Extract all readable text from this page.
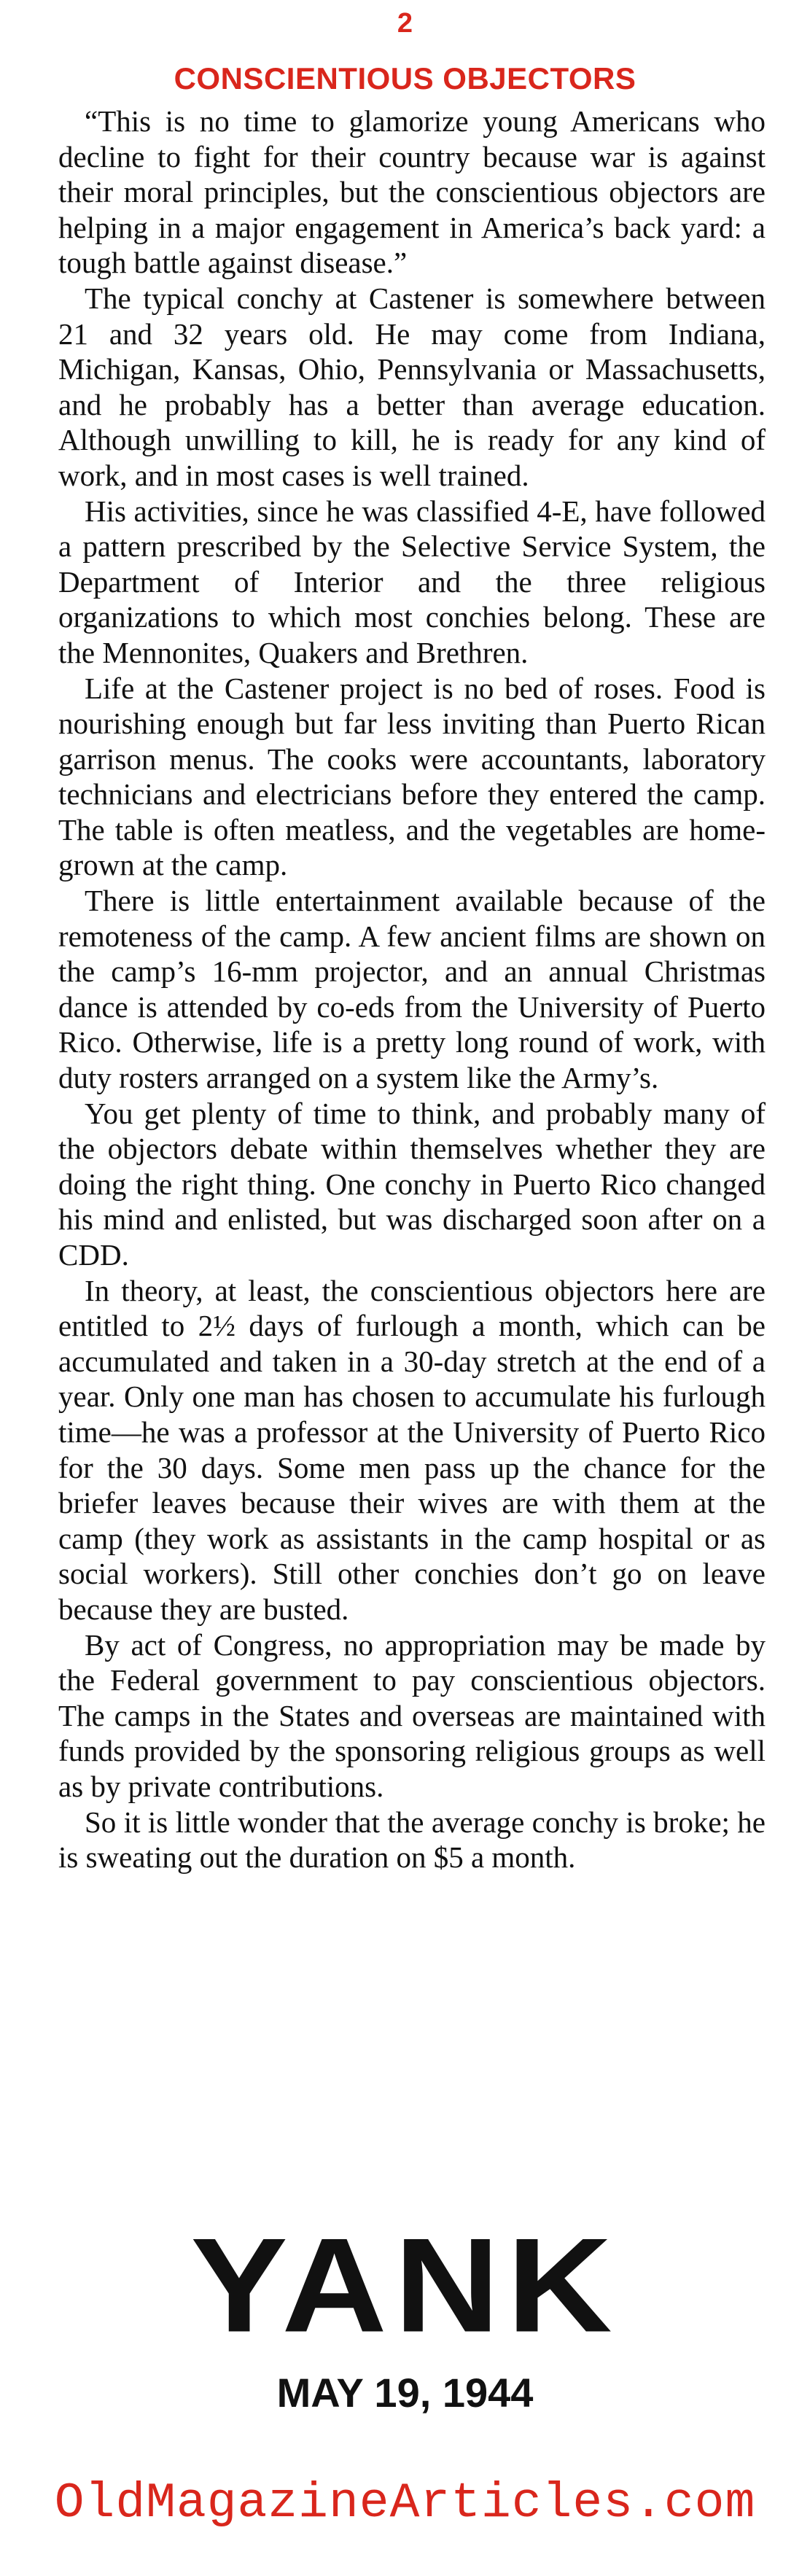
2
CONSCIENTIOUS OBJECTORS

“This is no time to glamorize young Americans who decline to fight for their country because war is against their moral principles, but the conscientious objectors are helping in a major engagement in America’s back yard: a tough battle against disease.”

The typical conchy at Castener is somewhere between 21 and 32 years old. He may come from Indiana, Michigan, Kansas, Ohio, Pennsylvania or Massachusetts, and he probably has a better than average education. Although unwilling to kill, he is ready for any kind of work, and in most cases is well trained.

His activities, since he was classified 4-E, have followed a pattern prescribed by the Selective Service System, the Department of Interior and the three religious organizations to which most conchies belong. These are the Mennonites, Quakers and Brethren.

Life at the Castener project is no bed of roses. Food is nourishing enough but far less inviting than Puerto Rican garrison menus. The cooks were accountants, laboratory technicians and electricians before they entered the camp. The table is often meatless, and the vegetables are home-grown at the camp.

There is little entertainment available because of the remoteness of the camp. A few ancient films are shown on the camp’s 16-mm projector, and an annual Christmas dance is attended by co-eds from the University of Puerto Rico. Otherwise, life is a pretty long round of work, with duty rosters arranged on a system like the Army’s.

You get plenty of time to think, and probably many of the objectors debate within themselves whether they are doing the right thing. One conchy in Puerto Rico changed his mind and enlisted, but was discharged soon after on a CDD.

In theory, at least, the conscientious objectors here are entitled to 2½ days of furlough a month, which can be accumulated and taken in a 30-day stretch at the end of a year. Only one man has chosen to accumulate his furlough time—he was a professor at the University of Puerto Rico for the 30 days. Some men pass up the chance for the briefer leaves because their wives are with them at the camp (they work as assistants in the camp hospital or as social workers). Still other conchies don’t go on leave because they are busted.

By act of Congress, no appropriation may be made by the Federal government to pay conscientious objectors. The camps in the States and overseas are maintained with funds provided by the sponsoring religious groups as well as by private contributions.

So it is little wonder that the average conchy is broke; he is sweating out the duration on $5 a month.

YANK
MAY 19, 1944
OldMagazineArticles.com
